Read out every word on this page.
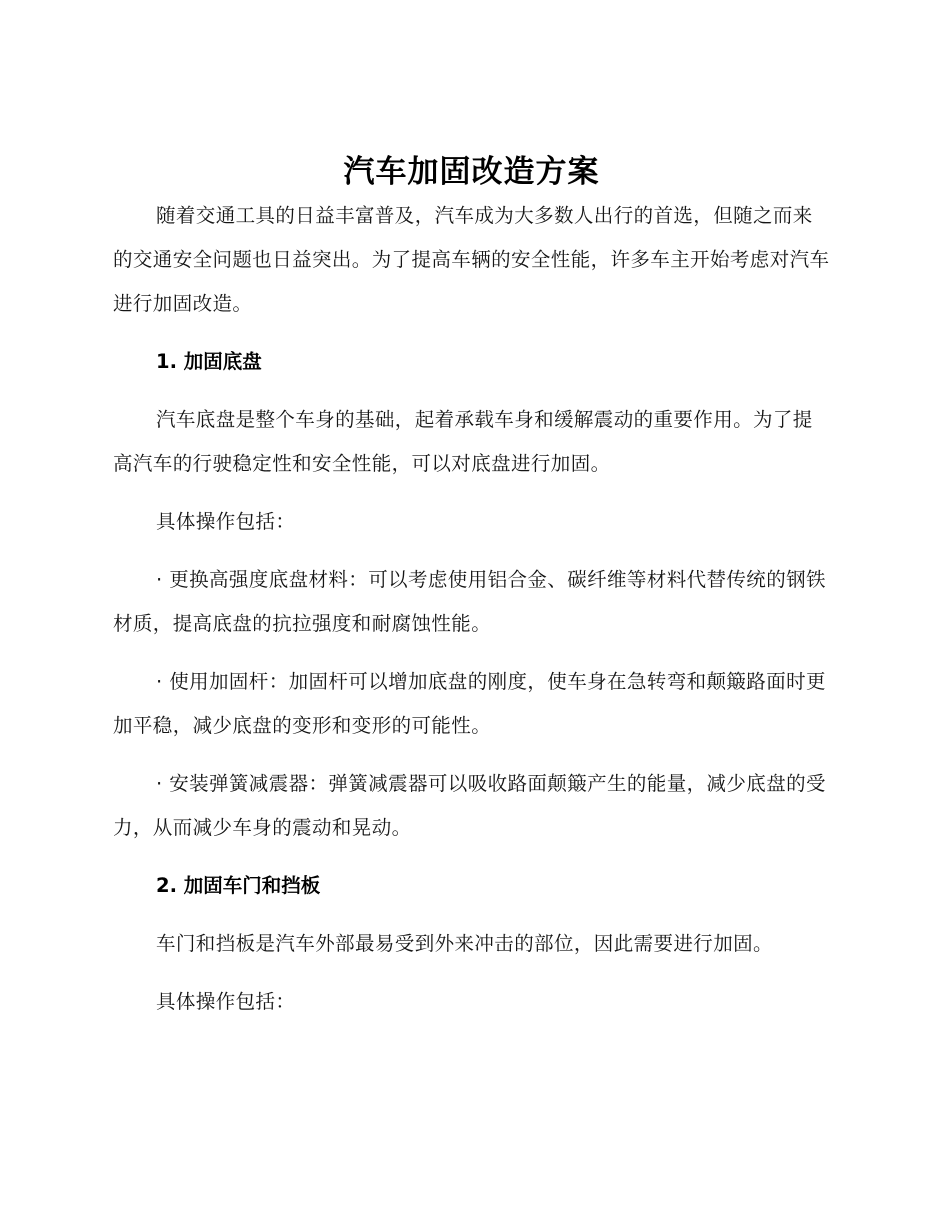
汽车加固改造方案

随着交通工具的日益丰富普及，汽车成为大多数人出行的首选，但随之而来的交通安全问题也日益突出。为了提高车辆的安全性能，许多车主开始考虑对汽车进行加固改造。

1. 加固底盘

汽车底盘是整个车身的基础，起着承载车身和缓解震动的重要作用。为了提高汽车的行驶稳定性和安全性能，可以对底盘进行加固。

具体操作包括：

· 更换高强度底盘材料：可以考虑使用铝合金、碳纤维等材料代替传统的钢铁材质，提高底盘的抗拉强度和耐腐蚀性能。

· 使用加固杆：加固杆可以增加底盘的刚度，使车身在急转弯和颠簸路面时更加平稳，减少底盘的变形和变形的可能性。

· 安装弹簧减震器：弹簧减震器可以吸收路面颠簸产生的能量，减少底盘的受力，从而减少车身的震动和晃动。

2. 加固车门和挡板

车门和挡板是汽车外部最易受到外来冲击的部位，因此需要进行加固。

具体操作包括：
